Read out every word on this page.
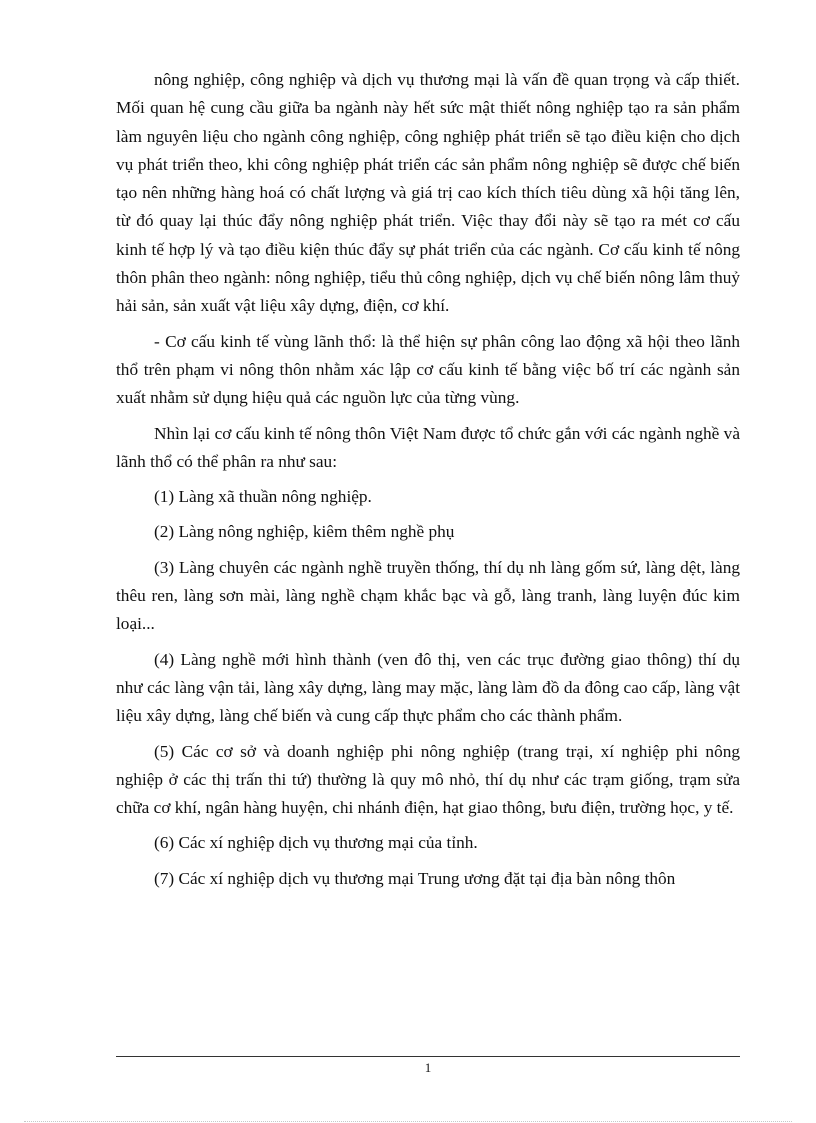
nông nghiệp, công nghiệp và dịch vụ thương mại là vấn đề quan trọng và cấp thiết. Mối quan hệ cung cầu giữa ba ngành này hết sức mật thiết nông nghiệp tạo ra sản phẩm làm nguyên liệu cho ngành công nghiệp, công nghiệp phát triển sẽ tạo điều kiện cho dịch vụ phát triển theo, khi công nghiệp phát triển các sản phẩm nông nghiệp sẽ được chế biến tạo nên những hàng hoá có chất lượng và giá trị cao kích thích tiêu dùng xã hội tăng lên, từ đó quay lại thúc đẩy nông nghiệp phát triển. Việc thay đổi này sẽ tạo ra mét cơ cấu kinh tế hợp lý và tạo điều kiện thúc đẩy sự phát triển của các ngành. Cơ cấu kinh tế nông thôn phân theo ngành: nông nghiệp, tiểu thủ công nghiệp, dịch vụ chế biến nông lâm thuỷ hải sản, sản xuất vật liệu xây dựng, điện, cơ khí.

- Cơ cấu kinh tế vùng lãnh thổ: là thể hiện sự phân công lao động xã hội theo lãnh thổ trên phạm vi nông thôn nhằm xác lập cơ cấu kinh tế bằng việc bố trí các ngành sản xuất nhằm sử dụng hiệu quả các nguồn lực của từng vùng.

Nhìn lại cơ cấu kinh tế nông thôn Việt Nam được tổ chức gắn với các ngành nghề và lãnh thổ có thể phân ra như sau:

(1) Làng xã thuần nông nghiệp.

(2) Làng nông nghiệp, kiêm thêm nghề phụ

(3) Làng chuyên các ngành nghề truyền thống, thí dụ nh làng gốm sứ, làng dệt, làng thêu ren, làng sơn mài, làng nghề chạm khắc bạc và gỗ, làng tranh, làng luyện đúc kim loại...

(4) Làng nghề mới hình thành (ven đô thị, ven các trục đường giao thông) thí dụ như các làng vận tải, làng xây dựng, làng may mặc, làng làm đồ da đông cao cấp, làng vật liệu xây dựng, làng chế biến và cung cấp thực phẩm cho các thành phẩm.

(5) Các cơ sở và doanh nghiệp phi nông nghiệp (trang trại, xí nghiệp phi nông nghiệp ở các thị trấn thi tứ) thường là quy mô nhỏ, thí dụ như các trạm giống, trạm sửa chữa cơ khí, ngân hàng huyện, chi nhánh điện, hạt giao thông, bưu điện, trường học, y tế.

(6) Các xí nghiệp dịch vụ thương mại của tỉnh.

(7) Các xí nghiệp dịch vụ thương mại Trung ương đặt tại địa bàn nông thôn

1
